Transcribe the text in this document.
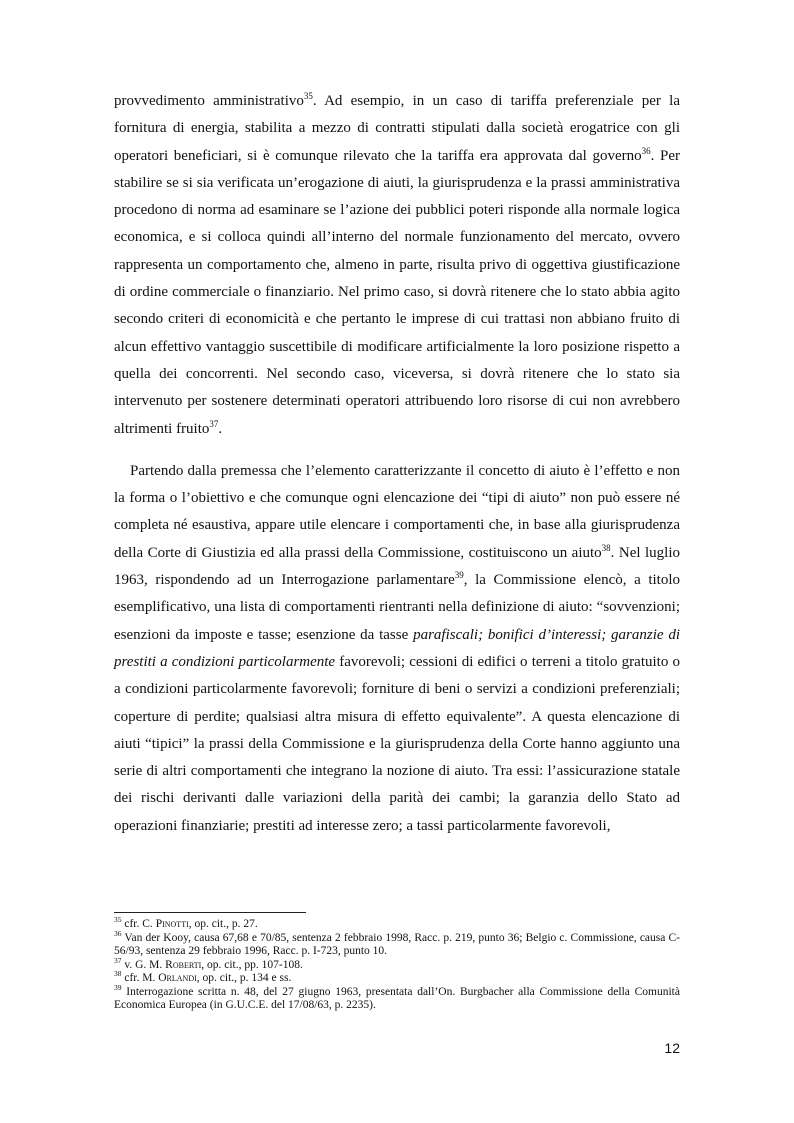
provvedimento amministrativo$^{35}$. Ad esempio, in un caso di tariffa preferenziale per la fornitura di energia, stabilita a mezzo di contratti stipulati dalla società erogatrice con gli operatori beneficiari, si è comunque rilevato che la tariffa era approvata dal governo$^{36}$. Per stabilire se si sia verificata un’erogazione di aiuti, la giurisprudenza e la prassi amministrativa procedono di norma ad esaminare se l’azione dei pubblici poteri risponde alla normale logica economica, e si colloca quindi all’interno del normale funzionamento del mercato, ovvero rappresenta un comportamento che, almeno in parte, risulta privo di oggettiva giustificazione di ordine commerciale o finanziario. Nel primo caso, si dovrà ritenere che lo stato abbia agito secondo criteri di economicità e che pertanto le imprese di cui trattasi non abbiano fruito di alcun effettivo vantaggio suscettibile di modificare artificialmente la loro posizione rispetto a quella dei concorrenti. Nel secondo caso, viceversa, si dovrà ritenere che lo stato sia intervenuto per sostenere determinati operatori attribuendo loro risorse di cui non avrebbero altrimenti fruito$^{37}$.

Partendo dalla premessa che l’elemento caratterizzante il concetto di aiuto è l’effetto e non la forma o l’obiettivo e che comunque ogni elencazione dei “tipi di aiuto” non può essere né completa né esaustiva, appare utile elencare i comportamenti che, in base alla giurisprudenza della Corte di Giustizia ed alla prassi della Commissione, costituiscono un aiuto$^{38}$. Nel luglio 1963, rispondendo ad un Interrogazione parlamentare$^{39}$, la Commissione elencò, a titolo esemplificativo, una lista di comportamenti rientranti nella definizione di aiuto: “sovvenzioni; esenzioni da imposte e tasse; esenzione da tasse parafiscali; bonifici d’interessi; garanzie di prestiti a condizioni particolarmente favorevoli; cessioni di edifici o terreni a titolo gratuito o a condizioni particolarmente favorevoli; forniture di beni o servizi a condizioni preferenziali; coperture di perdite; qualsiasi altra misura di effetto equivalente”. A questa elencazione di aiuti “tipici” la prassi della Commissione e la giurisprudenza della Corte hanno aggiunto una serie di altri comportamenti che integrano la nozione di aiuto. Tra essi: l’assicurazione statale dei rischi derivanti dalle variazioni della parità dei cambi; la garanzia dello Stato ad operazioni finanziarie; prestiti ad interesse zero; a tassi particolarmente favorevoli,

$^{35}$ cfr. C. Pinotti, op. cit., p. 27.

$^{36}$ Van der Kooy, causa 67,68 e 70/85, sentenza 2 febbraio 1998, Racc. p. 219, punto 36; Belgio c. Commissione, causa C-56/93, sentenza 29 febbraio 1996, Racc. p. I-723, punto 10.

$^{37}$ v. G. M. Roberti, op. cit., pp. 107-108.

$^{38}$ cfr. M. Orlandi, op. cit., p. 134 e ss.

$^{39}$ Interrogazione scritta n. 48, del 27 giugno 1963, presentata dall’On. Burgbacher alla Commissione della Comunità Economica Europea (in G.U.C.E. del 17/08/63, p. 2235).

12
